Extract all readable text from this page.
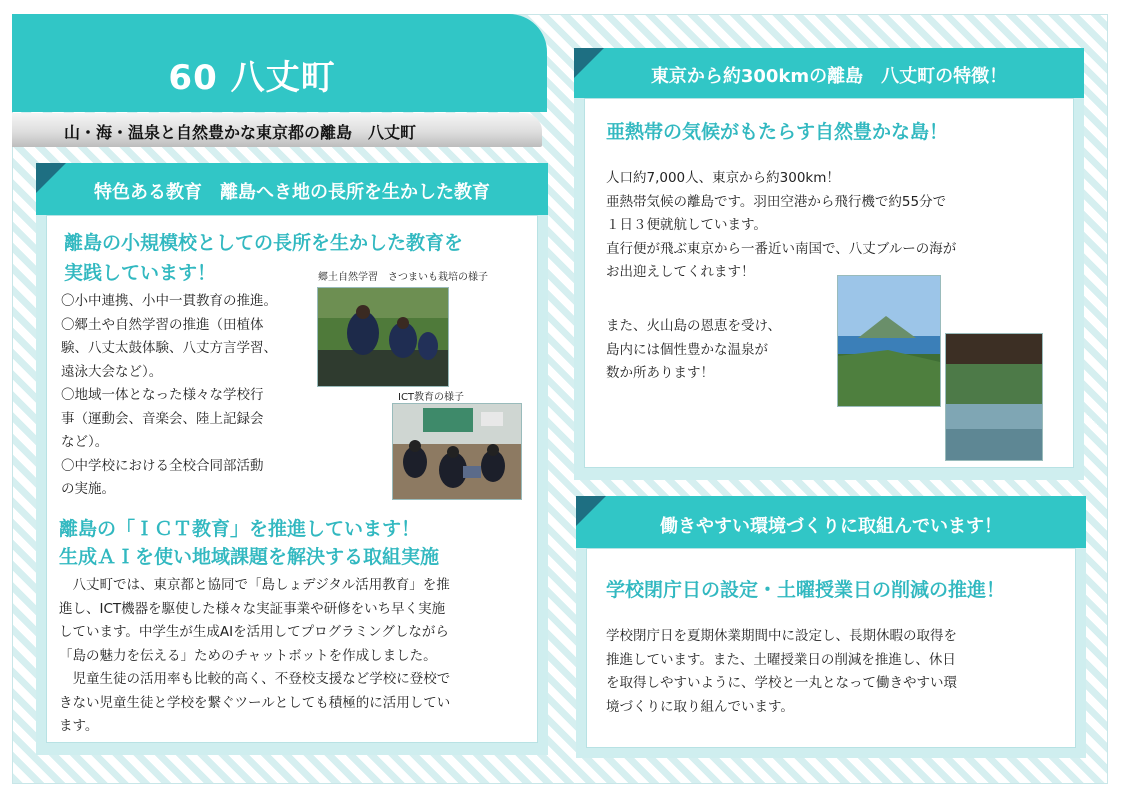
60 八丈町
山・海・温泉と自然豊かな東京都の離島　八丈町
特色ある教育　離島へき地の長所を生かした教育
離島の小規模校としての長所を生かした教育を
実践しています！	郷土自然学習　さつまいも栽培の様子
ICT教育の様子
〇小中連携、小中一貫教育の推進。
〇郷土や自然学習の推進（田植体
験、八丈太鼓体験、八丈方言学習、
遠泳大会など）。
〇地域一体となった様々な学校行
事（運動会、音楽会、陸上記録会
など）。
〇中学校における全校合同部活動
の実施。
離島の「ＩＣＴ教育」を推進しています！
生成ＡＩを使い地域課題を解決する取組実施
　八丈町では、東京都と協同で「島しょデジタル活用教育」を推
進し、ICT機器を駆使した様々な実証事業や研修をいち早く実施
しています。中学生が生成AIを活用してプログラミングしながら
「島の魅力を伝える」ためのチャットボットを作成しました。
　児童生徒の活用率も比較的高く、不登校支援など学校に登校で
きない児童生徒と学校を繋ぐツールとしても積極的に活用してい
ます。
東京から約300kmの離島　八丈町の特徴！
亜熱帯の気候がもたらす自然豊かな島！
人口約7,000人、東京から約300km！
亜熱帯気候の離島です。羽田空港から飛行機で約55分で
１日３便就航しています。
直行便が飛ぶ東京から一番近い南国で、八丈ブルーの海が
お出迎えしてくれます！
また、火山島の恩恵を受け、
島内には個性豊かな温泉が
数か所あります！
働きやすい環境づくりに取組んでいます！
学校閉庁日の設定・土曜授業日の削減の推進！
学校閉庁日を夏期休業期間中に設定し、長期休暇の取得を
推進しています。また、土曜授業日の削減を推進し、休日
を取得しやすいように、学校と一丸となって働きやすい環
境づくりに取り組んでいます。
